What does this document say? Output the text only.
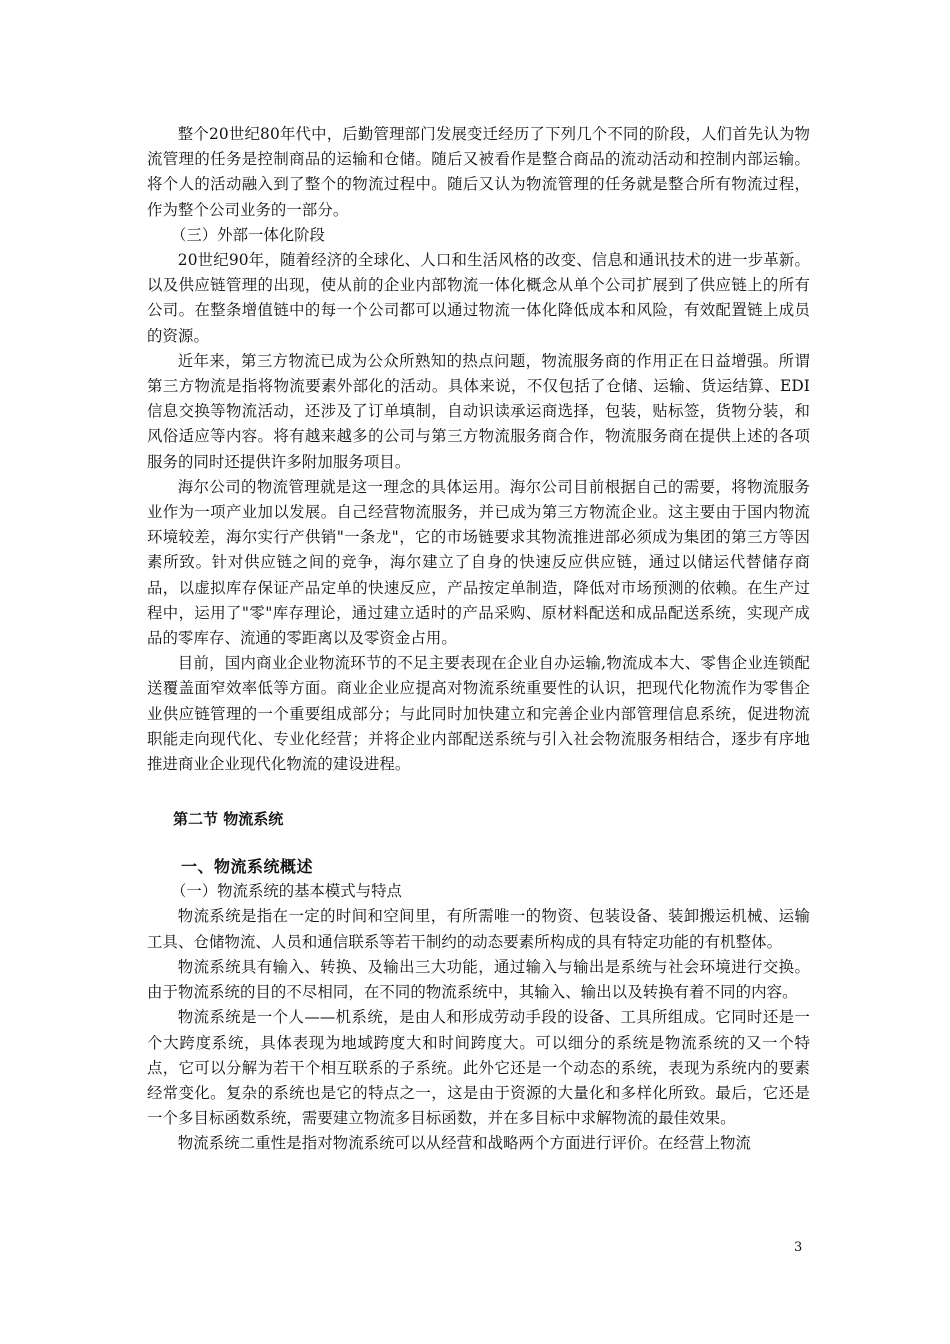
整个20世纪80年代中，后勤管理部门发展变迁经历了下列几个不同的阶段，人们首先认为物流管理的任务是控制商品的运输和仓储。随后又被看作是整合商品的流动活动和控制内部运输。将个人的活动融入到了整个的物流过程中。随后又认为物流管理的任务就是整合所有物流过程，作为整个公司业务的一部分。

（三）外部一体化阶段

20世纪90年，随着经济的全球化、人口和生活风格的改变、信息和通讯技术的进一步革新。以及供应链管理的出现，使从前的企业内部物流一体化概念从单个公司扩展到了供应链上的所有公司。在整条增值链中的每一个公司都可以通过物流一体化降低成本和风险，有效配置链上成员的资源。

近年来，第三方物流已成为公众所熟知的热点问题，物流服务商的作用正在日益增强。所谓第三方物流是指将物流要素外部化的活动。具体来说，不仅包括了仓储、运输、货运结算、EDI信息交换等物流活动，还涉及了订单填制，自动识读承运商选择，包装，贴标签，货物分装，和风俗适应等内容。将有越来越多的公司与第三方物流服务商合作，物流服务商在提供上述的各项服务的同时还提供许多附加服务项目。

海尔公司的物流管理就是这一理念的具体运用。海尔公司目前根据自己的需要，将物流服务业作为一项产业加以发展。自己经营物流服务，并已成为第三方物流企业。这主要由于国内物流环境较差，海尔实行产供销"一条龙"，它的市场链要求其物流推进部必须成为集团的第三方等因素所致。针对供应链之间的竞争，海尔建立了自身的快速反应供应链，通过以储运代替储存商品，以虚拟库存保证产品定单的快速反应，产品按定单制造，降低对市场预测的依赖。在生产过程中，运用了"零"库存理论，通过建立适时的产品采购、原材料配送和成品配送系统，实现产成品的零库存、流通的零距离以及零资金占用。

目前，国内商业企业物流环节的不足主要表现在企业自办运输,物流成本大、零售企业连锁配送覆盖面窄效率低等方面。商业企业应提高对物流系统重要性的认识，把现代化物流作为零售企业供应链管理的一个重要组成部分；与此同时加快建立和完善企业内部管理信息系统，促进物流职能走向现代化、专业化经营；并将企业内部配送系统与引入社会物流服务相结合，逐步有序地推进商业企业现代化物流的建设进程。

第二节 物流系统
一、物流系统概述

（一）物流系统的基本模式与特点

物流系统是指在一定的时间和空间里，有所需唯一的物资、包装设备、装卸搬运机械、运输工具、仓储物流、人员和通信联系等若干制约的动态要素所构成的具有特定功能的有机整体。

物流系统具有输入、转换、及输出三大功能，通过输入与输出是系统与社会环境进行交换。由于物流系统的目的不尽相同，在不同的物流系统中，其输入、输出以及转换有着不同的内容。

物流系统是一个人——机系统，是由人和形成劳动手段的设备、工具所组成。它同时还是一个大跨度系统，具体表现为地域跨度大和时间跨度大。可以细分的系统是物流系统的又一个特点，它可以分解为若干个相互联系的子系统。此外它还是一个动态的系统，表现为系统内的要素经常变化。复杂的系统也是它的特点之一，这是由于资源的大量化和多样化所致。最后，它还是一个多目标函数系统，需要建立物流多目标函数，并在多目标中求解物流的最佳效果。

物流系统二重性是指对物流系统可以从经营和战略两个方面进行评价。在经营上物流

3
